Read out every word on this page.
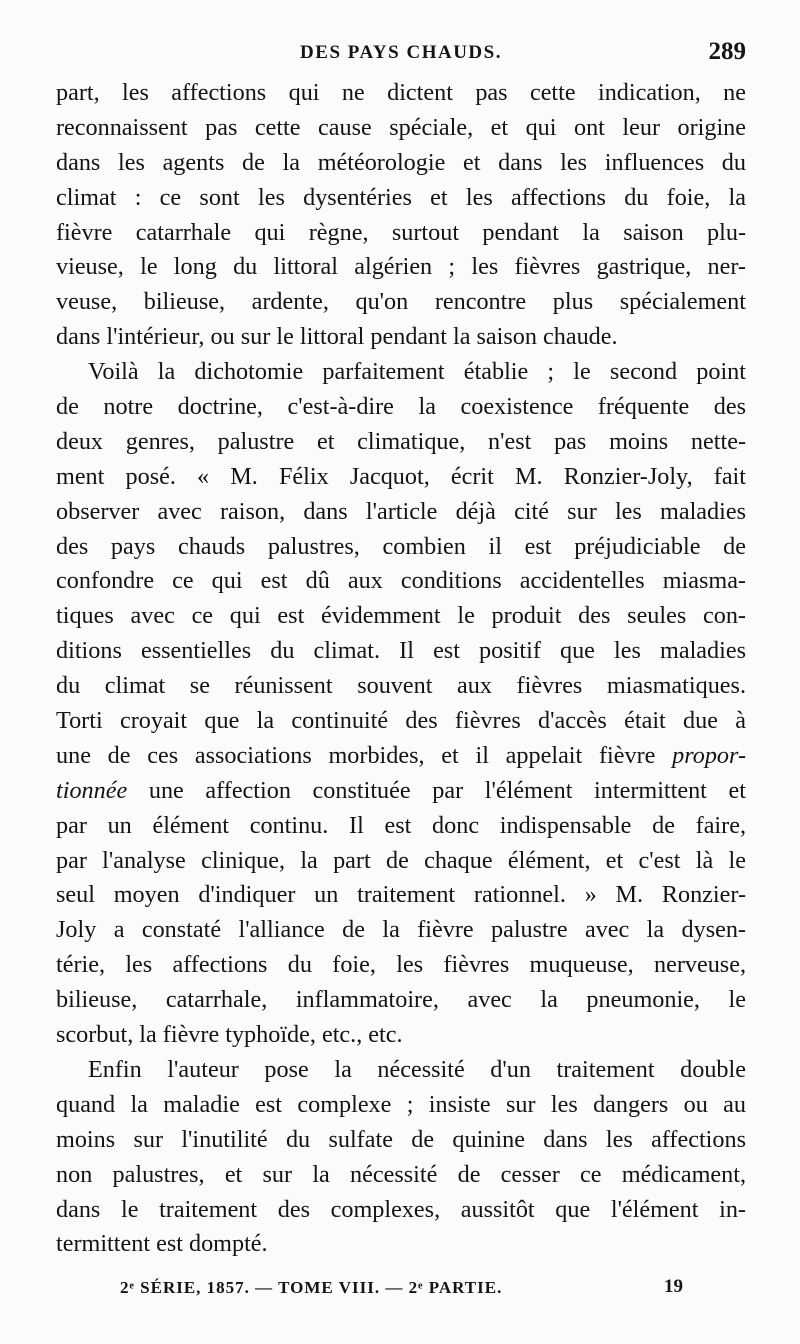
DES PAYS CHAUDS.	289
part, les affections qui ne dictent pas cette indication, ne
reconnaissent pas cette cause spéciale, et qui ont leur origine
dans les agents de la météorologie et dans les influences du
climat : ce sont les dysentéries et les affections du foie, la
fièvre catarrhale qui règne, surtout pendant la saison plu-
vieuse, le long du littoral algérien ; les fièvres gastrique, ner-
veuse, bilieuse, ardente, qu'on rencontre plus spécialement
dans l'intérieur, ou sur le littoral pendant la saison chaude.
Voilà la dichotomie parfaitement établie ; le second point
de notre doctrine, c'est-à-dire la coexistence fréquente des
deux genres, palustre et climatique, n'est pas moins nette-
ment posé. « M. Félix Jacquot, écrit M. Ronzier-Joly, fait
observer avec raison, dans l'article déjà cité sur les maladies
des pays chauds palustres, combien il est préjudiciable de
confondre ce qui est dû aux conditions accidentelles miasma-
tiques avec ce qui est évidemment le produit des seules con-
ditions essentielles du climat. Il est positif que les maladies
du climat se réunissent souvent aux fièvres miasmatiques.
Torti croyait que la continuité des fièvres d'accès était due à
une de ces associations morbides, et il appelait fièvre propor-
tionnée une affection constituée par l'élément intermittent et
par un élément continu. Il est donc indispensable de faire,
par l'analyse clinique, la part de chaque élément, et c'est là le
seul moyen d'indiquer un traitement rationnel. » M. Ronzier-
Joly a constaté l'alliance de la fièvre palustre avec la dysen-
térie, les affections du foie, les fièvres muqueuse, nerveuse,
bilieuse, catarrhale, inflammatoire, avec la pneumonie, le
scorbut, la fièvre typhoïde, etc., etc.
Enfin l'auteur pose la nécessité d'un traitement double
quand la maladie est complexe ; insiste sur les dangers ou au
moins sur l'inutilité du sulfate de quinine dans les affections
non palustres, et sur la nécessité de cesser ce médicament,
dans le traitement des complexes, aussitôt que l'élément in-
termittent est dompté.
2ᵉ SÉRIE, 1857. — TOME VIII. — 2ᵉ PARTIE.	19
